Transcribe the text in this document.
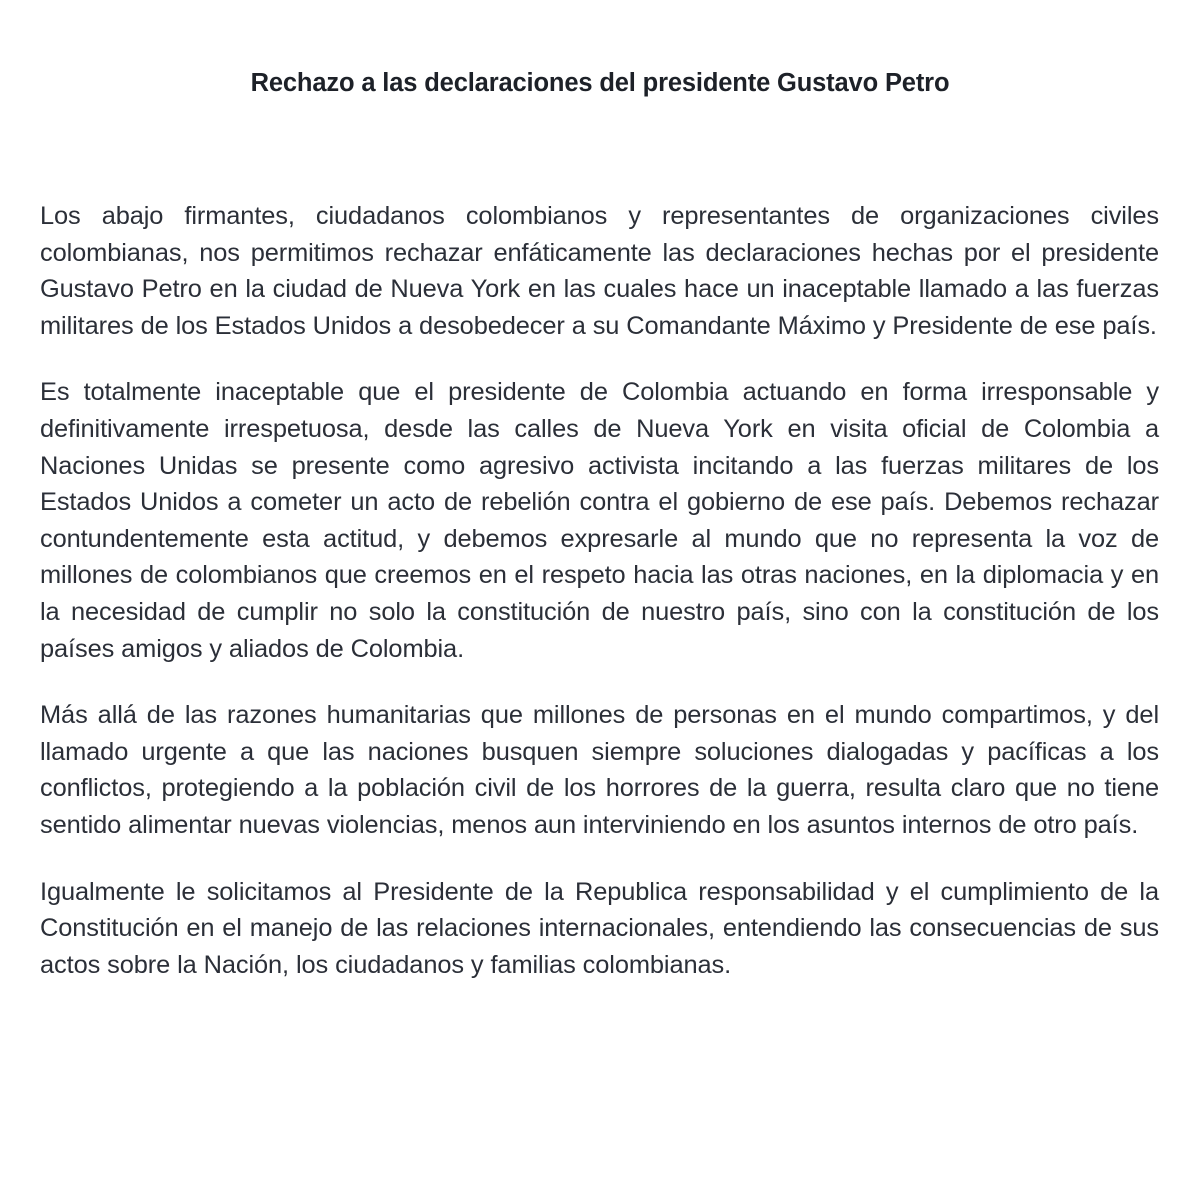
Rechazo a las declaraciones del presidente Gustavo Petro

Los abajo firmantes, ciudadanos colombianos y representantes de organizaciones civiles colombianas, nos permitimos rechazar enfáticamente las declaraciones hechas por el presidente Gustavo Petro en la ciudad de Nueva York en las cuales hace un inaceptable llamado a las fuerzas militares de los Estados Unidos a desobedecer a su Comandante Máximo y Presidente de ese país.

Es totalmente inaceptable que el presidente de Colombia actuando en forma irresponsable y definitivamente irrespetuosa, desde las calles de Nueva York en visita oficial de Colombia a Naciones Unidas se presente como agresivo activista incitando a las fuerzas militares de los Estados Unidos a cometer un acto de rebelión contra el gobierno de ese país. Debemos rechazar contundentemente esta actitud, y debemos expresarle al mundo que no representa la voz de millones de colombianos que creemos en el respeto hacia las otras naciones, en la diplomacia y en la necesidad de cumplir no solo la constitución de nuestro país, sino con la constitución de los países amigos y aliados de Colombia.

Más allá de las razones humanitarias que millones de personas en el mundo compartimos, y del llamado urgente a que las naciones busquen siempre soluciones dialogadas y pacíficas a los conflictos, protegiendo a la población civil de los horrores de la guerra, resulta claro que no tiene sentido alimentar nuevas violencias, menos aun interviniendo en los asuntos internos de otro país.

Igualmente le solicitamos al Presidente de la Republica responsabilidad y el cumplimiento de la Constitución en el manejo de las relaciones internacionales, entendiendo las consecuencias de sus actos sobre la Nación, los ciudadanos y familias colombianas.
